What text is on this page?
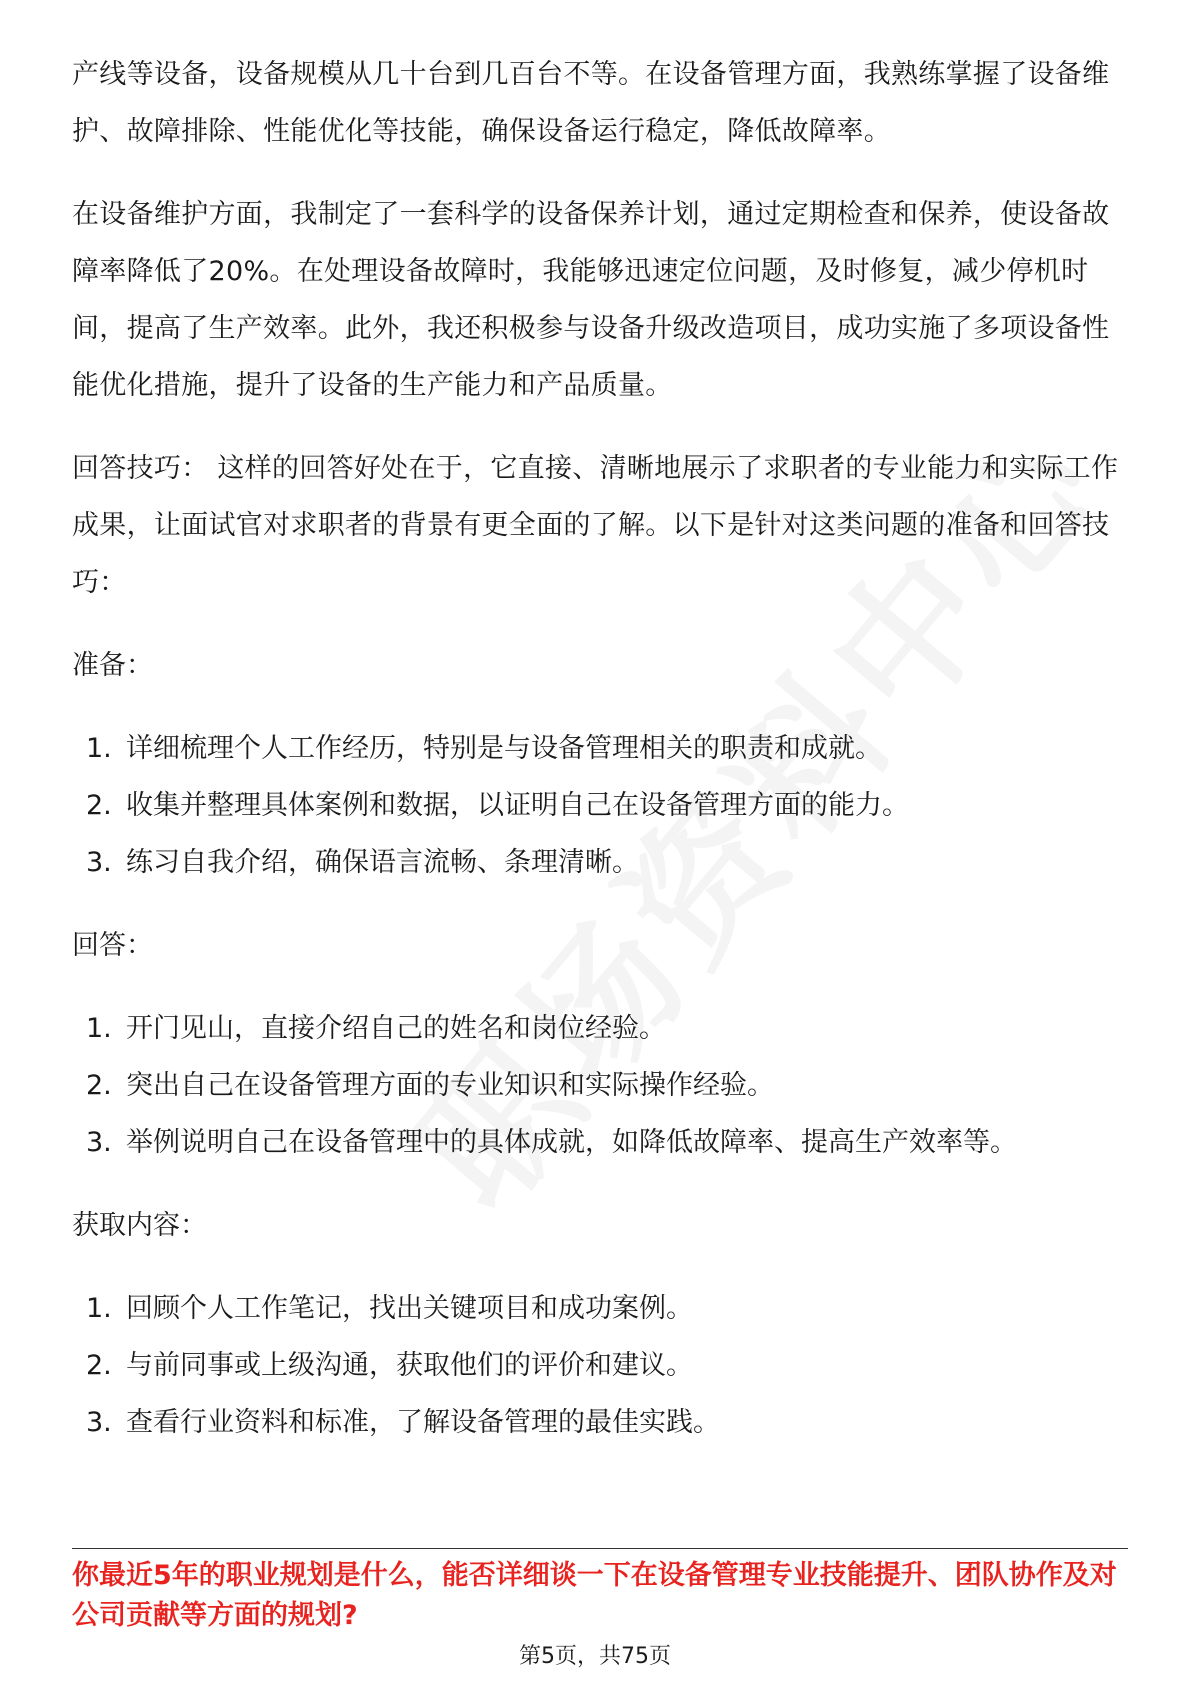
产线等设备，设备规模从几十台到几百台不等。在设备管理方面，我熟练掌握了设备维护、故障排除、性能优化等技能，确保设备运行稳定，降低故障率。

在设备维护方面，我制定了一套科学的设备保养计划，通过定期检查和保养，使设备故障率降低了20%。在处理设备故障时，我能够迅速定位问题，及时修复，减少停机时间，提高了生产效率。此外，我还积极参与设备升级改造项目，成功实施了多项设备性能优化措施，提升了设备的生产能力和产品质量。

回答技巧： 这样的回答好处在于，它直接、清晰地展示了求职者的专业能力和实际工作成果，让面试官对求职者的背景有更全面的了解。以下是针对这类问题的准备和回答技巧：

准备：
1. 详细梳理个人工作经历，特别是与设备管理相关的职责和成就。
2. 收集并整理具体案例和数据，以证明自己在设备管理方面的能力。
3. 练习自我介绍，确保语言流畅、条理清晰。
回答：
1. 开门见山，直接介绍自己的姓名和岗位经验。
2. 突出自己在设备管理方面的专业知识和实际操作经验。
3. 举例说明自己在设备管理中的具体成就，如降低故障率、提高生产效率等。
获取内容：
1. 回顾个人工作笔记，找出关键项目和成功案例。
2. 与前同事或上级沟通，获取他们的评价和建议。
3. 查看行业资料和标准，了解设备管理的最佳实践。
你最近5年的职业规划是什么，能否详细谈一下在设备管理专业技能提升、团队协作及对公司贡献等方面的规划?
第5页，共75页
